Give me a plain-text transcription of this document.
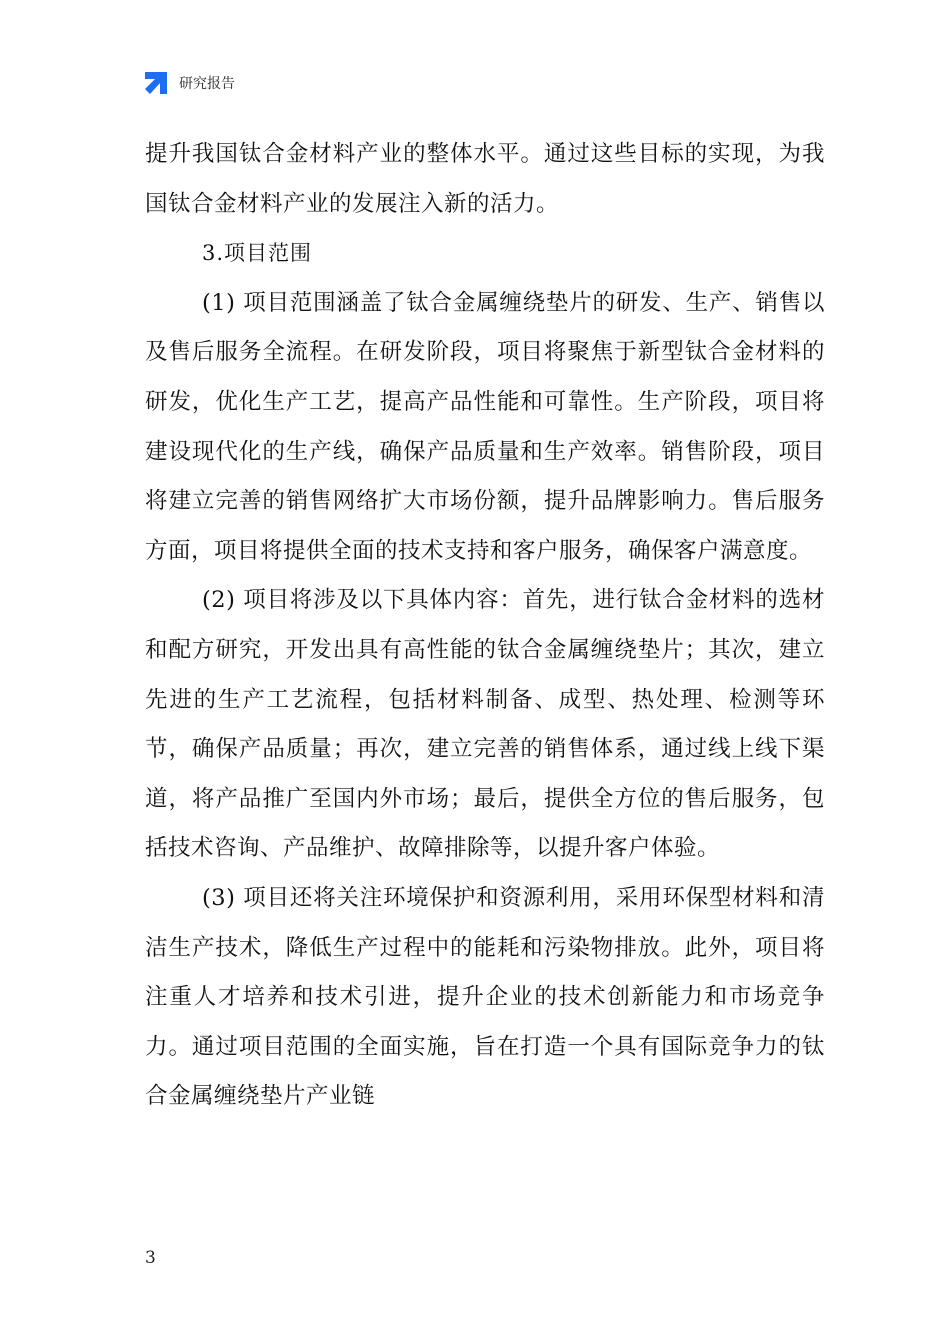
研究报告

提升我国钛合金材料产业的整体水平。通过这些目标的实现，为我国钛合金材料产业的发展注入新的活力。

3.项目范围

(1) 项目范围涵盖了钛合金属缠绕垫片的研发、生产、销售以及售后服务全流程。在研发阶段，项目将聚焦于新型钛合金材料的研发，优化生产工艺，提高产品性能和可靠性。生产阶段，项目将建设现代化的生产线，确保产品质量和生产效率。销售阶段，项目将建立完善的销售网络扩大市场份额，提升品牌影响力。售后服务方面，项目将提供全面的技术支持和客户服务，确保客户满意度。

(2) 项目将涉及以下具体内容：首先，进行钛合金材料的选材和配方研究，开发出具有高性能的钛合金属缠绕垫片；其次，建立先进的生产工艺流程，包括材料制备、成型、热处理、检测等环节，确保产品质量；再次，建立完善的销售体系，通过线上线下渠道，将产品推广至国内外市场；最后，提供全方位的售后服务，包括技术咨询、产品维护、故障排除等，以提升客户体验。

(3) 项目还将关注环境保护和资源利用，采用环保型材料和清洁生产技术，降低生产过程中的能耗和污染物排放。此外，项目将注重人才培养和技术引进，提升企业的技术创新能力和市场竞争力。通过项目范围的全面实施，旨在打造一个具有国际竞争力的钛合金属缠绕垫片产业链

3
